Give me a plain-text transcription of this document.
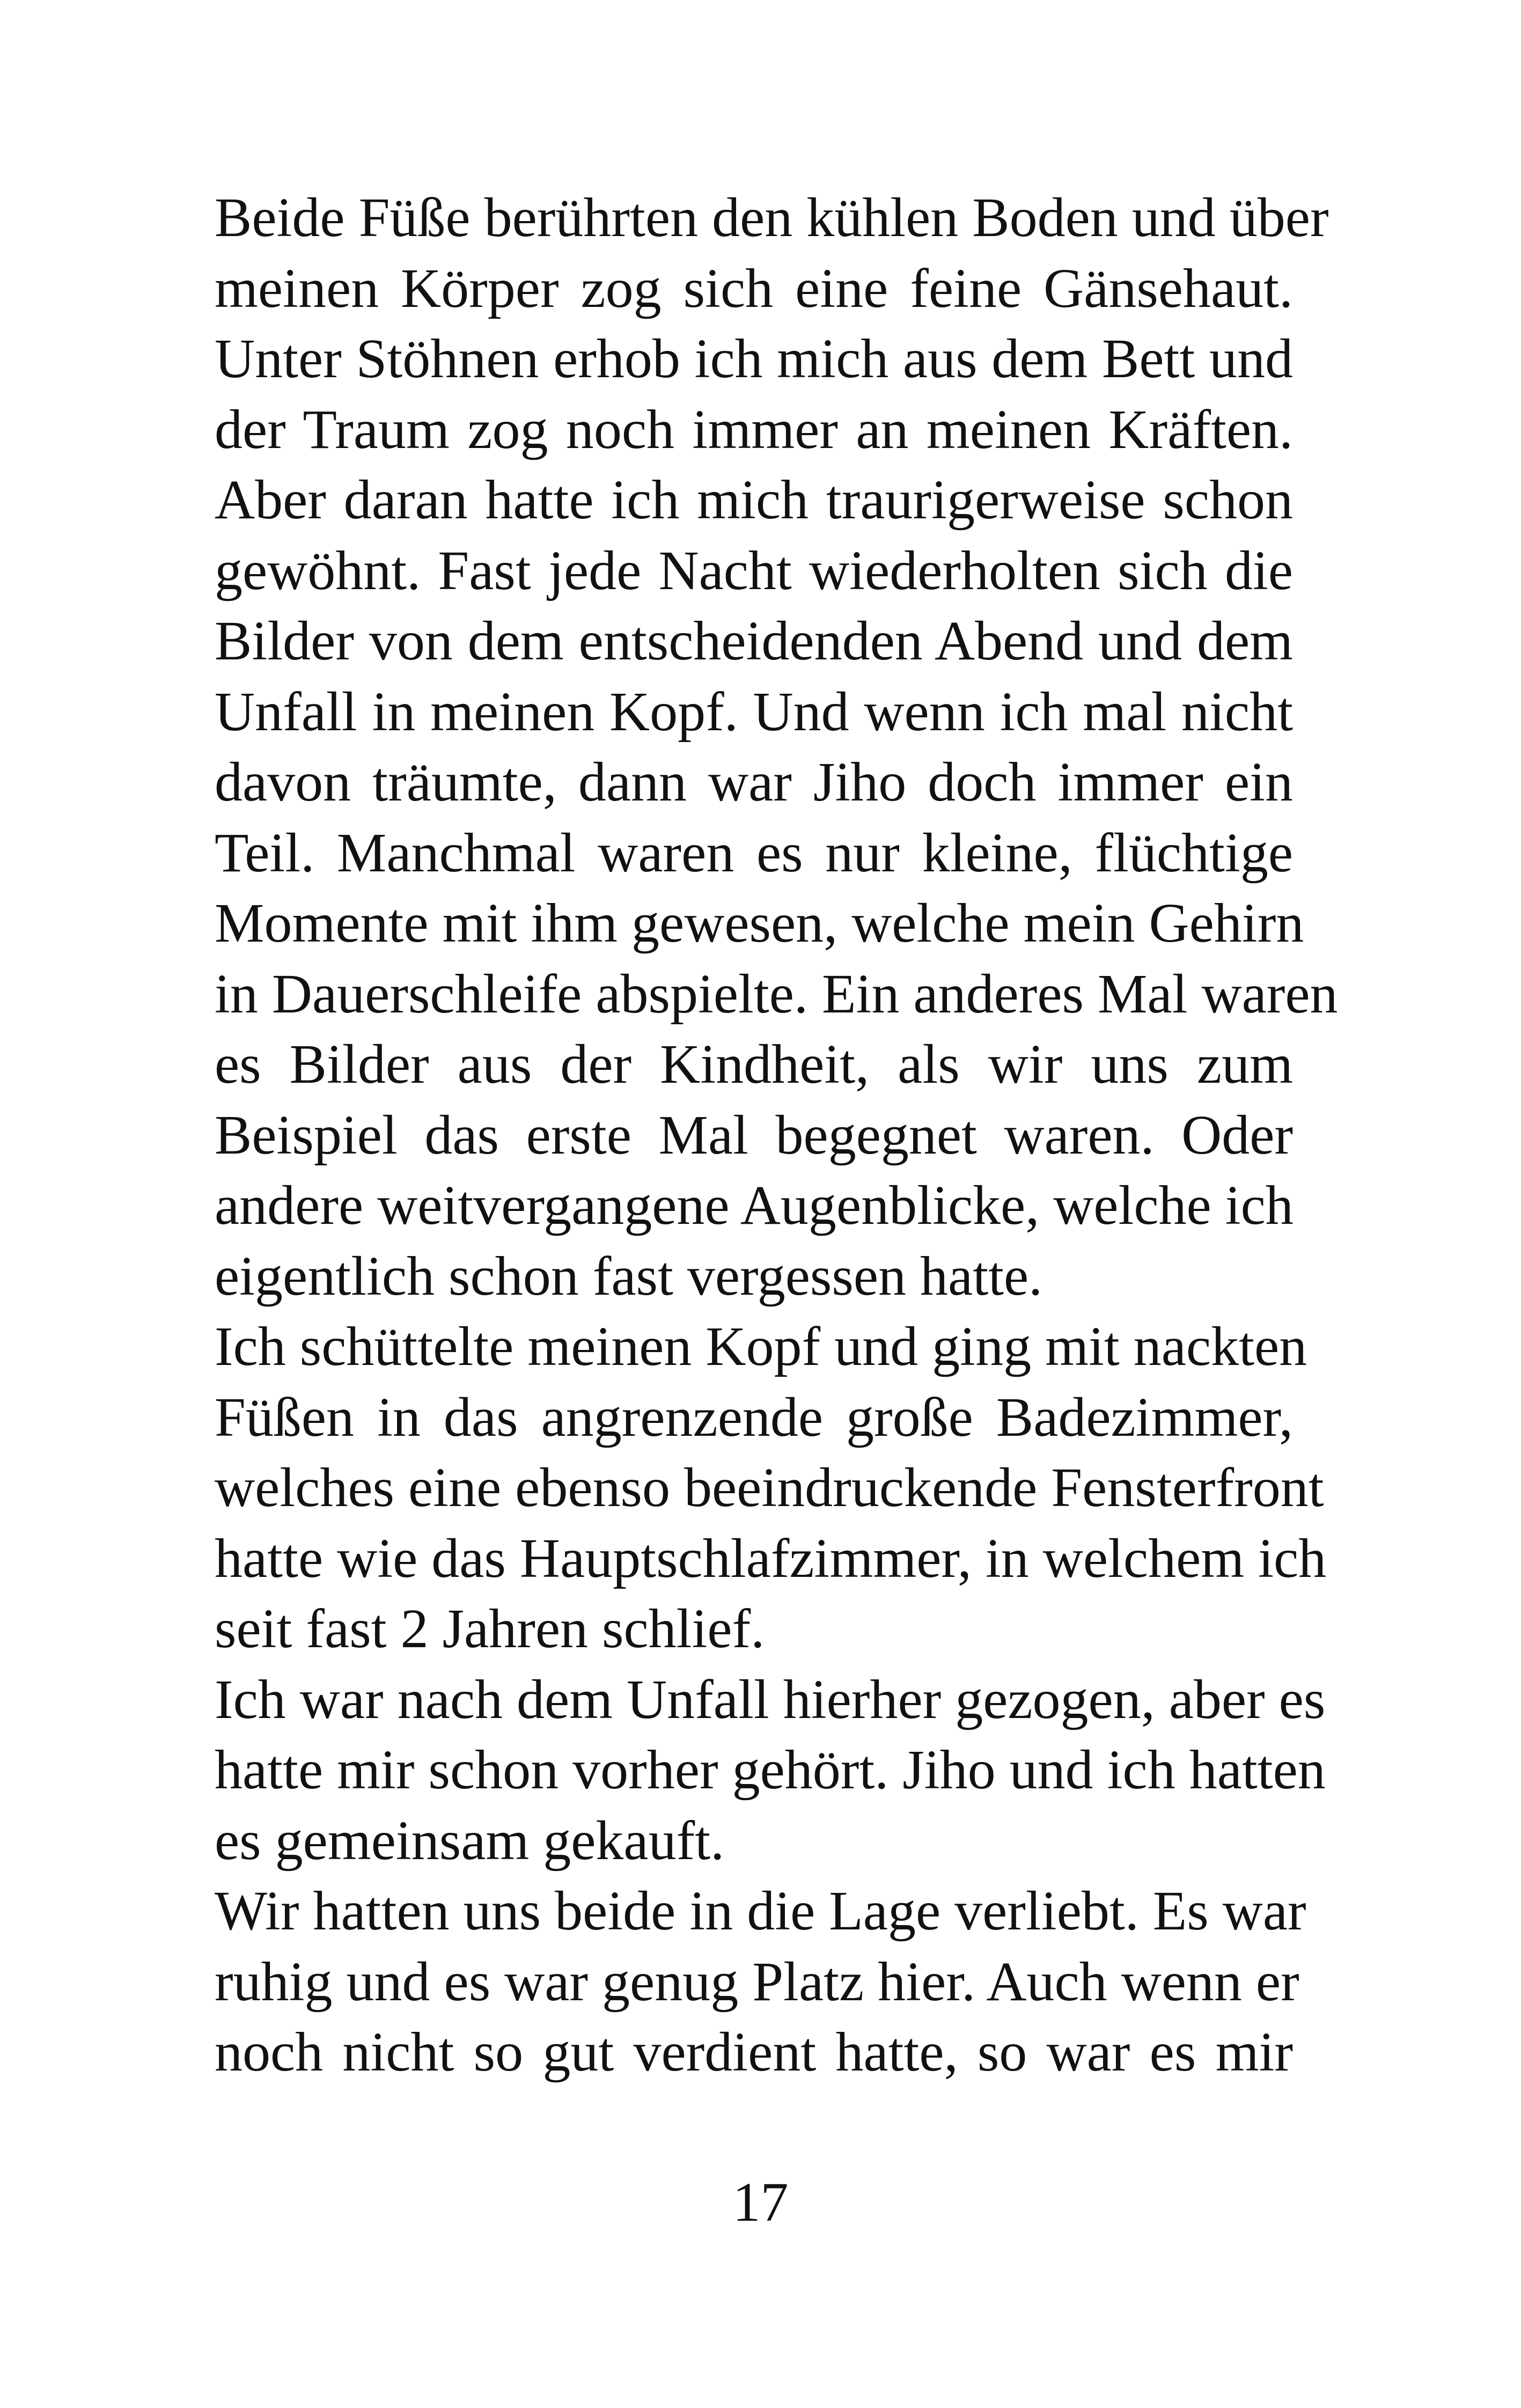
Beide Füße berührten den kühlen Boden und über
meinen Körper zog sich eine feine Gänsehaut.
Unter Stöhnen erhob ich mich aus dem Bett und
der Traum zog noch immer an meinen Kräften.
Aber daran hatte ich mich traurigerweise schon
gewöhnt. Fast jede Nacht wiederholten sich die
Bilder von dem entscheidenden Abend und dem
Unfall in meinen Kopf. Und wenn ich mal nicht
davon träumte, dann war Jiho doch immer ein
Teil. Manchmal waren es nur kleine, flüchtige
Momente mit ihm gewesen, welche mein Gehirn
in Dauerschleife abspielte. Ein anderes Mal waren
es Bilder aus der Kindheit, als wir uns zum
Beispiel das erste Mal begegnet waren. Oder
andere weitvergangene Augenblicke, welche ich
eigentlich schon fast vergessen hatte.
Ich schüttelte meinen Kopf und ging mit nackten
Füßen in das angrenzende große Badezimmer,
welches eine ebenso beeindruckende Fensterfront
hatte wie das Hauptschlafzimmer, in welchem ich
seit fast 2 Jahren schlief.
Ich war nach dem Unfall hierher gezogen, aber es
hatte mir schon vorher gehört. Jiho und ich hatten
es gemeinsam gekauft.
Wir hatten uns beide in die Lage verliebt. Es war
ruhig und es war genug Platz hier. Auch wenn er
noch nicht so gut verdient hatte, so war es mir
17
